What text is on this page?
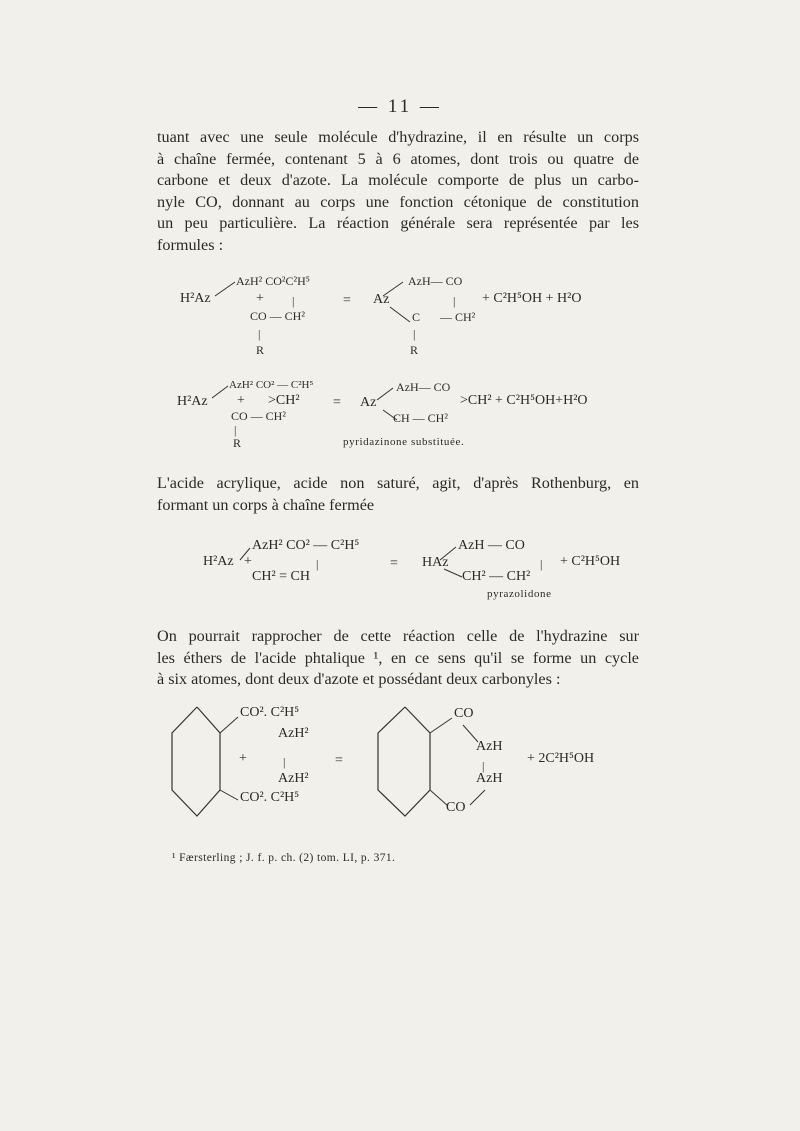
— 11 —
tuant avec une seule molécule d'hydrazine, il en résulte un corps
à chaîne fermée, contenant 5 à 6 atomes, dont trois ou quatre de
carbone et deux d'azote. La molécule comporte de plus un carbo-
nyle CO, donnant au corps une fonction cétonique de constitution
un peu particulière. La réaction générale sera représentée par les
formules :
AzH² CO²C²H⁵
H²Az	+ |
CO — CH²
|
R
=
AzH— CO
Az	|
C — CH²
|
R
+ C²H⁵OH + H²O
AzH² CO² — C²H⁵
H²Az + >CH²
CO — CH²
|
R
=
AzH— CO
Az
CH — CH²
>CH² + C²H⁵OH+H²O
pyridazinone substituée.
L'acide acrylique, acide non saturé, agit, d'après Rothenburg, en
formant un corps à chaîne fermée
AzH² CO² — C²H⁵
H²Az +	|
CH² = CH
= HAz
AzH — CO
|
CH² — CH²
+ C²H⁵OH
pyrazolidone
On pourrait rapprocher de cette réaction celle de l'hydrazine sur
les éthers de l'acide phtalique ¹, en ce sens qu'il se forme un cycle
à six atomes, dont deux d'azote et possédant deux carbonyles :
CO². C²H⁵
AzH²
+	|
AzH²
CO². C²H⁵
=
CO
AzH
|
AzH
CO
+ 2C²H⁵OH
¹ Færsterling ; J. f. p. ch. (2) tom. LI, p. 371.
